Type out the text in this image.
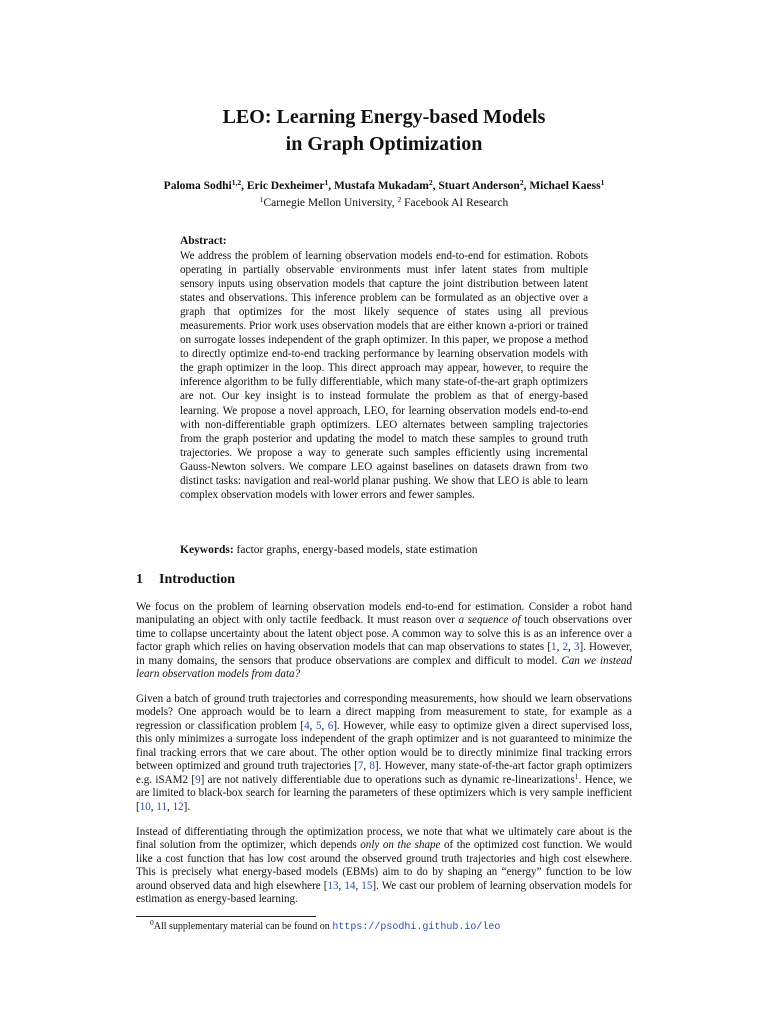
LEO: Learning Energy-based Models
in Graph Optimization
Paloma Sodhi$^{1,2}$, Eric Dexheimer$^1$, Mustafa Mukadam$^2$, Stuart Anderson$^2$, Michael Kaess$^1$
$^1$Carnegie Mellon University, $^2$ Facebook AI Research
Abstract:
We address the problem of learning observation models end-to-end for estimation. Robots operating in partially observable environments must infer latent states from multiple sensory inputs using observation models that capture the joint distribution between latent states and observations. This inference problem can be formulated as an objective over a graph that optimizes for the most likely sequence of states using all previous measurements. Prior work uses observation models that are either known a-priori or trained on surrogate losses independent of the graph optimizer. In this paper, we propose a method to directly optimize end-to-end tracking performance by learning observation models with the graph optimizer in the loop. This direct approach may appear, however, to require the inference algorithm to be fully differentiable, which many state-of-the-art graph optimizers are not. Our key insight is to instead formulate the problem as that of energy-based learning. We propose a novel approach, LEO, for learning observation models end-to-end with non-differentiable graph optimizers. LEO alternates between sampling trajectories from the graph posterior and updating the model to match these samples to ground truth trajectories. We propose a way to generate such samples efficiently using incremental Gauss-Newton solvers. We compare LEO against baselines on datasets drawn from two distinct tasks: navigation and real-world planar pushing. We show that LEO is able to learn complex observation models with lower errors and fewer samples.
Keywords: factor graphs, energy-based models, state estimation
1 Introduction
We focus on the problem of learning observation models end-to-end for estimation. Consider a robot hand manipulating an object with only tactile feedback. It must reason over a sequence of touch observations over time to collapse uncertainty about the latent object pose. A common way to solve this is as an inference over a factor graph which relies on having observation models that can map observations to states [1, 2, 3]. However, in many domains, the sensors that produce observations are complex and difficult to model. Can we instead learn observation models from data?
Given a batch of ground truth trajectories and corresponding measurements, how should we learn observations models? One approach would be to learn a direct mapping from measurement to state, for example as a regression or classification problem [4, 5, 6]. However, while easy to optimize given a direct supervised loss, this only minimizes a surrogate loss independent of the graph optimizer and is not guaranteed to minimize the final tracking errors that we care about. The other option would be to directly minimize final tracking errors between optimized and ground truth trajectories [7, 8]. However, many state-of-the-art factor graph optimizers e.g. iSAM2 [9] are not natively differentiable due to operations such as dynamic re-linearizations$^1$. Hence, we are limited to black-box search for learning the parameters of these optimizers which is very sample inefficient [10, 11, 12].
Instead of differentiating through the optimization process, we note that what we ultimately care about is the final solution from the optimizer, which depends only on the shape of the optimized cost function. We would like a cost function that has low cost around the observed ground truth trajectories and high cost elsewhere. This is precisely what energy-based models (EBMs) aim to do by shaping an “energy” function to be low around observed data and high elsewhere [13, 14, 15]. We cast our problem of learning observation models for estimation as energy-based learning.
$^0$All supplementary material can be found on https://psodhi.github.io/leo
